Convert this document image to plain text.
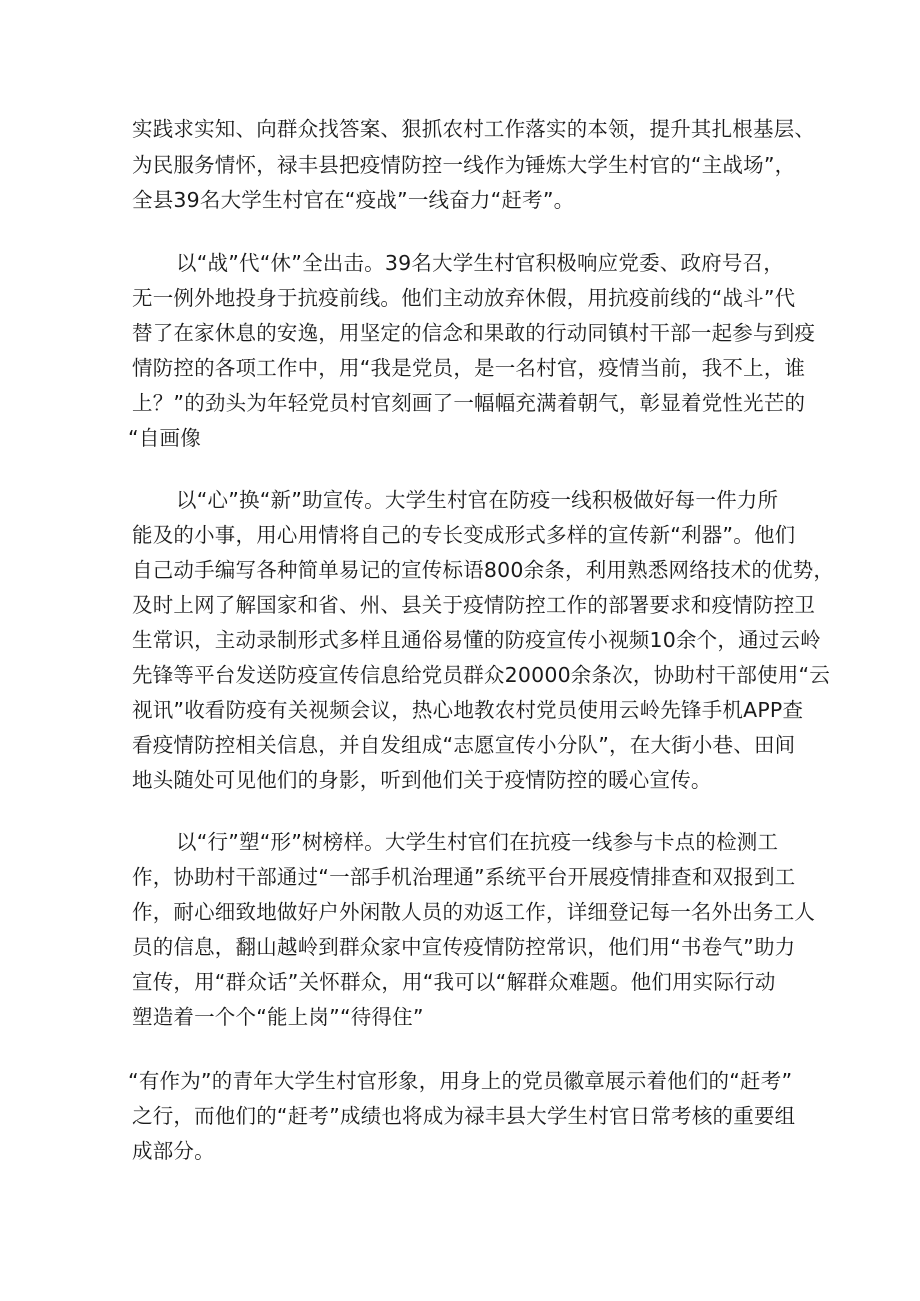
实践求实知、向群众找答案、狠抓农村工作落实的本领，提升其扎根基层、
为民服务情怀，禄丰县把疫情防控一线作为锤炼大学生村官的“主战场”，
全县39名大学生村官在“疫战”一线奋力“赶考”。
以“战”代“休”全出击。39名大学生村官积极响应党委、政府号召，
无一例外地投身于抗疫前线。他们主动放弃休假，用抗疫前线的“战斗”代
替了在家休息的安逸，用坚定的信念和果敢的行动同镇村干部一起参与到疫
情防控的各项工作中，用“我是党员，是一名村官，疫情当前，我不上，谁
上？”的劲头为年轻党员村官刻画了一幅幅充满着朝气，彰显着党性光芒的
“自画像
以“心”换“新”助宣传。大学生村官在防疫一线积极做好每一件力所
能及的小事，用心用情将自己的专长变成形式多样的宣传新“利器”。他们
自己动手编写各种简单易记的宣传标语800余条，利用熟悉网络技术的优势，
及时上网了解国家和省、州、县关于疫情防控工作的部署要求和疫情防控卫
生常识，主动录制形式多样且通俗易懂的防疫宣传小视频10余个，通过云岭
先锋等平台发送防疫宣传信息给党员群众20000余条次，协助村干部使用“云
视讯”收看防疫有关视频会议，热心地教农村党员使用云岭先锋手机APP查
看疫情防控相关信息，并自发组成“志愿宣传小分队”，在大街小巷、田间
地头随处可见他们的身影，听到他们关于疫情防控的暖心宣传。
以“行”塑“形”树榜样。大学生村官们在抗疫一线参与卡点的检测工
作，协助村干部通过“一部手机治理通”系统平台开展疫情排查和双报到工
作，耐心细致地做好户外闲散人员的劝返工作，详细登记每一名外出务工人
员的信息，翻山越岭到群众家中宣传疫情防控常识，他们用“书卷气”助力
宣传，用“群众话”关怀群众，用“我可以“解群众难题。他们用实际行动
塑造着一个个“能上岗”“待得住”
“有作为”的青年大学生村官形象，用身上的党员徽章展示着他们的“赶考”
之行，而他们的“赶考”成绩也将成为禄丰县大学生村官日常考核的重要组
成部分。
